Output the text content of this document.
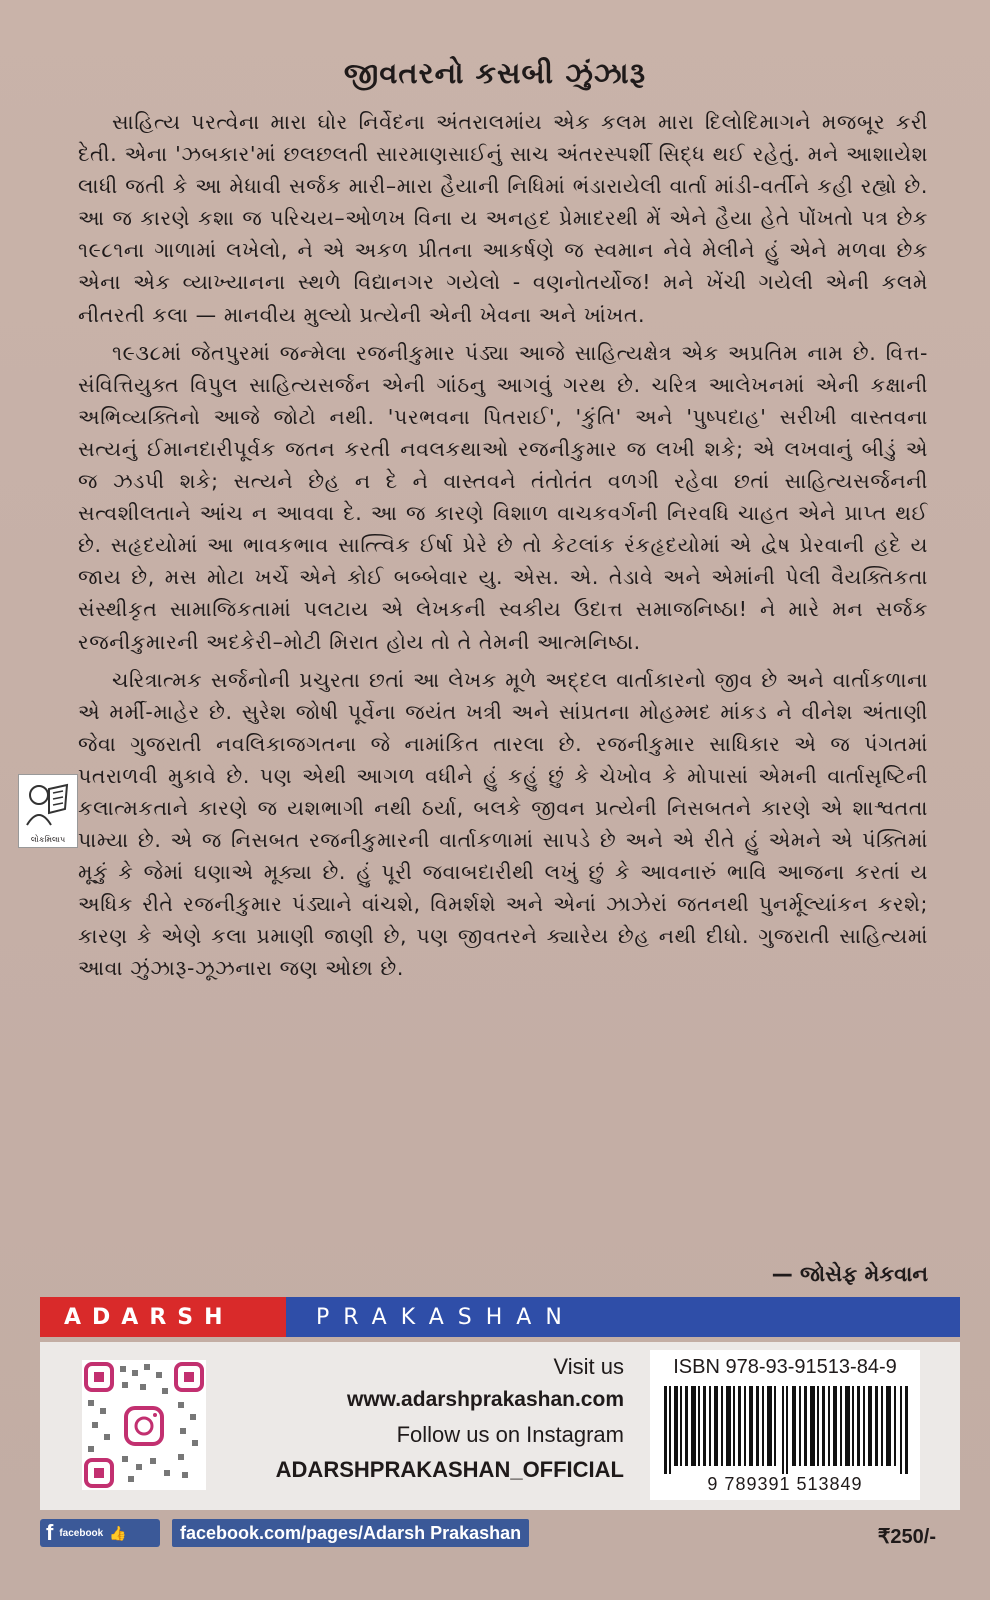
જીવતરનો કસબી ઝુંઝારૂ

સાહિત્ય પરત્વેના મારા ઘોર નિર્વેદના અંતરાલમાંય એક કલમ મારા દિલોદિમાગને મજબૂર કરી દેતી. એના 'ઝબકાર'માં છલછલતી સારમાણસાઈનું સાચ અંતરસ્પર્શી સિદ્ધ થઈ રહેતું. મને આશાયેશ લાધી જતી કે આ મેધાવી સર્જક મારી–મારા હૈયાની નિધિમાં ભંડારાયેલી વાર્તા માંડી-વર્તીને કહી રહ્યો છે. આ જ કારણે કશા જ પરિચય–ઓળખ વિના ય અનહદ પ્રેમાદરથી મેં એને હૈયા હેતે પોંખતો પત્ર છેક ૧૯૮૧ના ગાળામાં લખેલો, ને એ અકળ પ્રીતના આકર્ષણે જ સ્વમાન નેવે મેલીને હું એને મળવા છેક એના એક વ્યાખ્યાનના સ્થળે વિદ્યાનગર ગયેલો - વણનોતર્યોજ! મને ખેંચી ગયેલી એની કલમે નીતરતી કલા — માનવીય મુલ્યો પ્રત્યેની એની ખેવના અને ખાંખત.

૧૯૩૮માં જેતપુરમાં જન્મેલા રજનીકુમાર પંડ્યા આજે સાહિત્યક્ષેત્ર એક અપ્રતિમ નામ છે. વિત્ત-સંવિત્તિયુક્ત વિપુલ સાહિત્યસર્જન એની ગાંઠનુ આગવું ગરથ છે. ચરિત્ર આલેખનમાં એની કક્ષાની અભિવ્યક્તિનો આજે જોટો નથી. 'પરભવના પિતરાઈ', 'કુંતિ' અને 'પુષ્પદાહ' સરીખી વાસ્તવના સત્યનું ઈમાનદારીપૂર્વક જતન કરતી નવલકથાઓ રજનીકુમાર જ લખી શકે; એ લખવાનું બીડું એ જ ઝડપી શકે; સત્યને છેહ ન દે ને વાસ્તવને તંતોતંત વળગી રહેવા છતાં સાહિત્યસર્જનની સત્વશીલતાને આંચ ન આવવા દે. આ જ કારણે વિશાળ વાચકવર્ગની નિરવધિ ચાહત એને પ્રાપ્ત થઈ છે. સહૃદયોમાં આ ભાવકભાવ સાત્ત્વિક ઈર્ષા પ્રેરે છે તો કેટલાંક રંકહૃદયોમાં એ દ્વેષ પ્રેરવાની હદે ય જાય છે, મસ મોટા ખર્ચે એને કોઈ બબ્બેવાર યુ. એસ. એ. તેડાવે અને એમાંની પેલી વૈયક્તિકતા સંસ્થીકૃત સામાજિકતામાં પલટાય એ લેખકની સ્વકીય ઉદાત્ત સમાજનિષ્ઠા! ને મારે મન સર્જક રજનીકુમારની અદકેરી–મોટી મિરાત હોય તો તે તેમની આત્મનિષ્ઠા.

ચરિત્રાત્મક સર્જનોની પ્રચુરતા છતાં આ લેખક મૂળે અદ્દલ વાર્તાકારનો જીવ છે અને વાર્તાકળાના એ મર્મી-માહેર છે. સુરેશ જોષી પૂર્વેના જયંત ખત્રી અને સાંપ્રતના મોહમ્મદ માંકડ ને વીનેશ અંતાણી જેવા ગુજરાતી નવલિકાજગતના જે નામાંકિત તારલા છે. રજનીકુમાર સાધિકાર એ જ પંગતમાં પતરાળવી મુકાવે છે. પણ એથી આગળ વધીને હું કહું છું કે ચેખોવ કે મોપાસાં એમની વાર્તાસૃષ્ટિની કલાત્મકતાને કારણે જ યશભાગી નથી ઠર્યા, બલકે જીવન પ્રત્યેની નિસબતને કારણે એ શાશ્વતતા પામ્યા છે. એ જ નિસબત રજનીકુમારની વાર્તાકળામાં સાપડે છે અને એ રીતે હું એમને એ પંક્તિમાં મૂકું કે જેમાં ઘણાએ મૂક્યા છે. હું પૂરી જવાબદારીથી લખું છું કે આવનારું ભાવિ આજના કરતાં ય અધિક રીતે રજનીકુમાર પંડ્યાને વાંચશે, વિમર્શશે અને એનાં ઝાઝેરાં જતનથી પુનર્મૂલ્યાંકન કરશે; કારણ કે એણે કલા પ્રમાણી જાણી છે, પણ જીવતરને ક્યારેય છેહ નથી દીધો. ગુજરાતી સાહિત્યમાં આવા ઝુંઝારૂ-ઝૂઝનારા જણ ઓછા છે.

— જોસેફ મેકવાન
લોકમિલાપ
ADARSH	PRAKASHAN
Visit us
www.adarshprakashan.com
Follow us on Instagram
ADARSHPRAKASHAN_OFFICIAL
ISBN 978-93-91513-84-9
9 789391 513849
f facebook 👍	facebook.com/pages/Adarsh Prakashan	₹250/-
